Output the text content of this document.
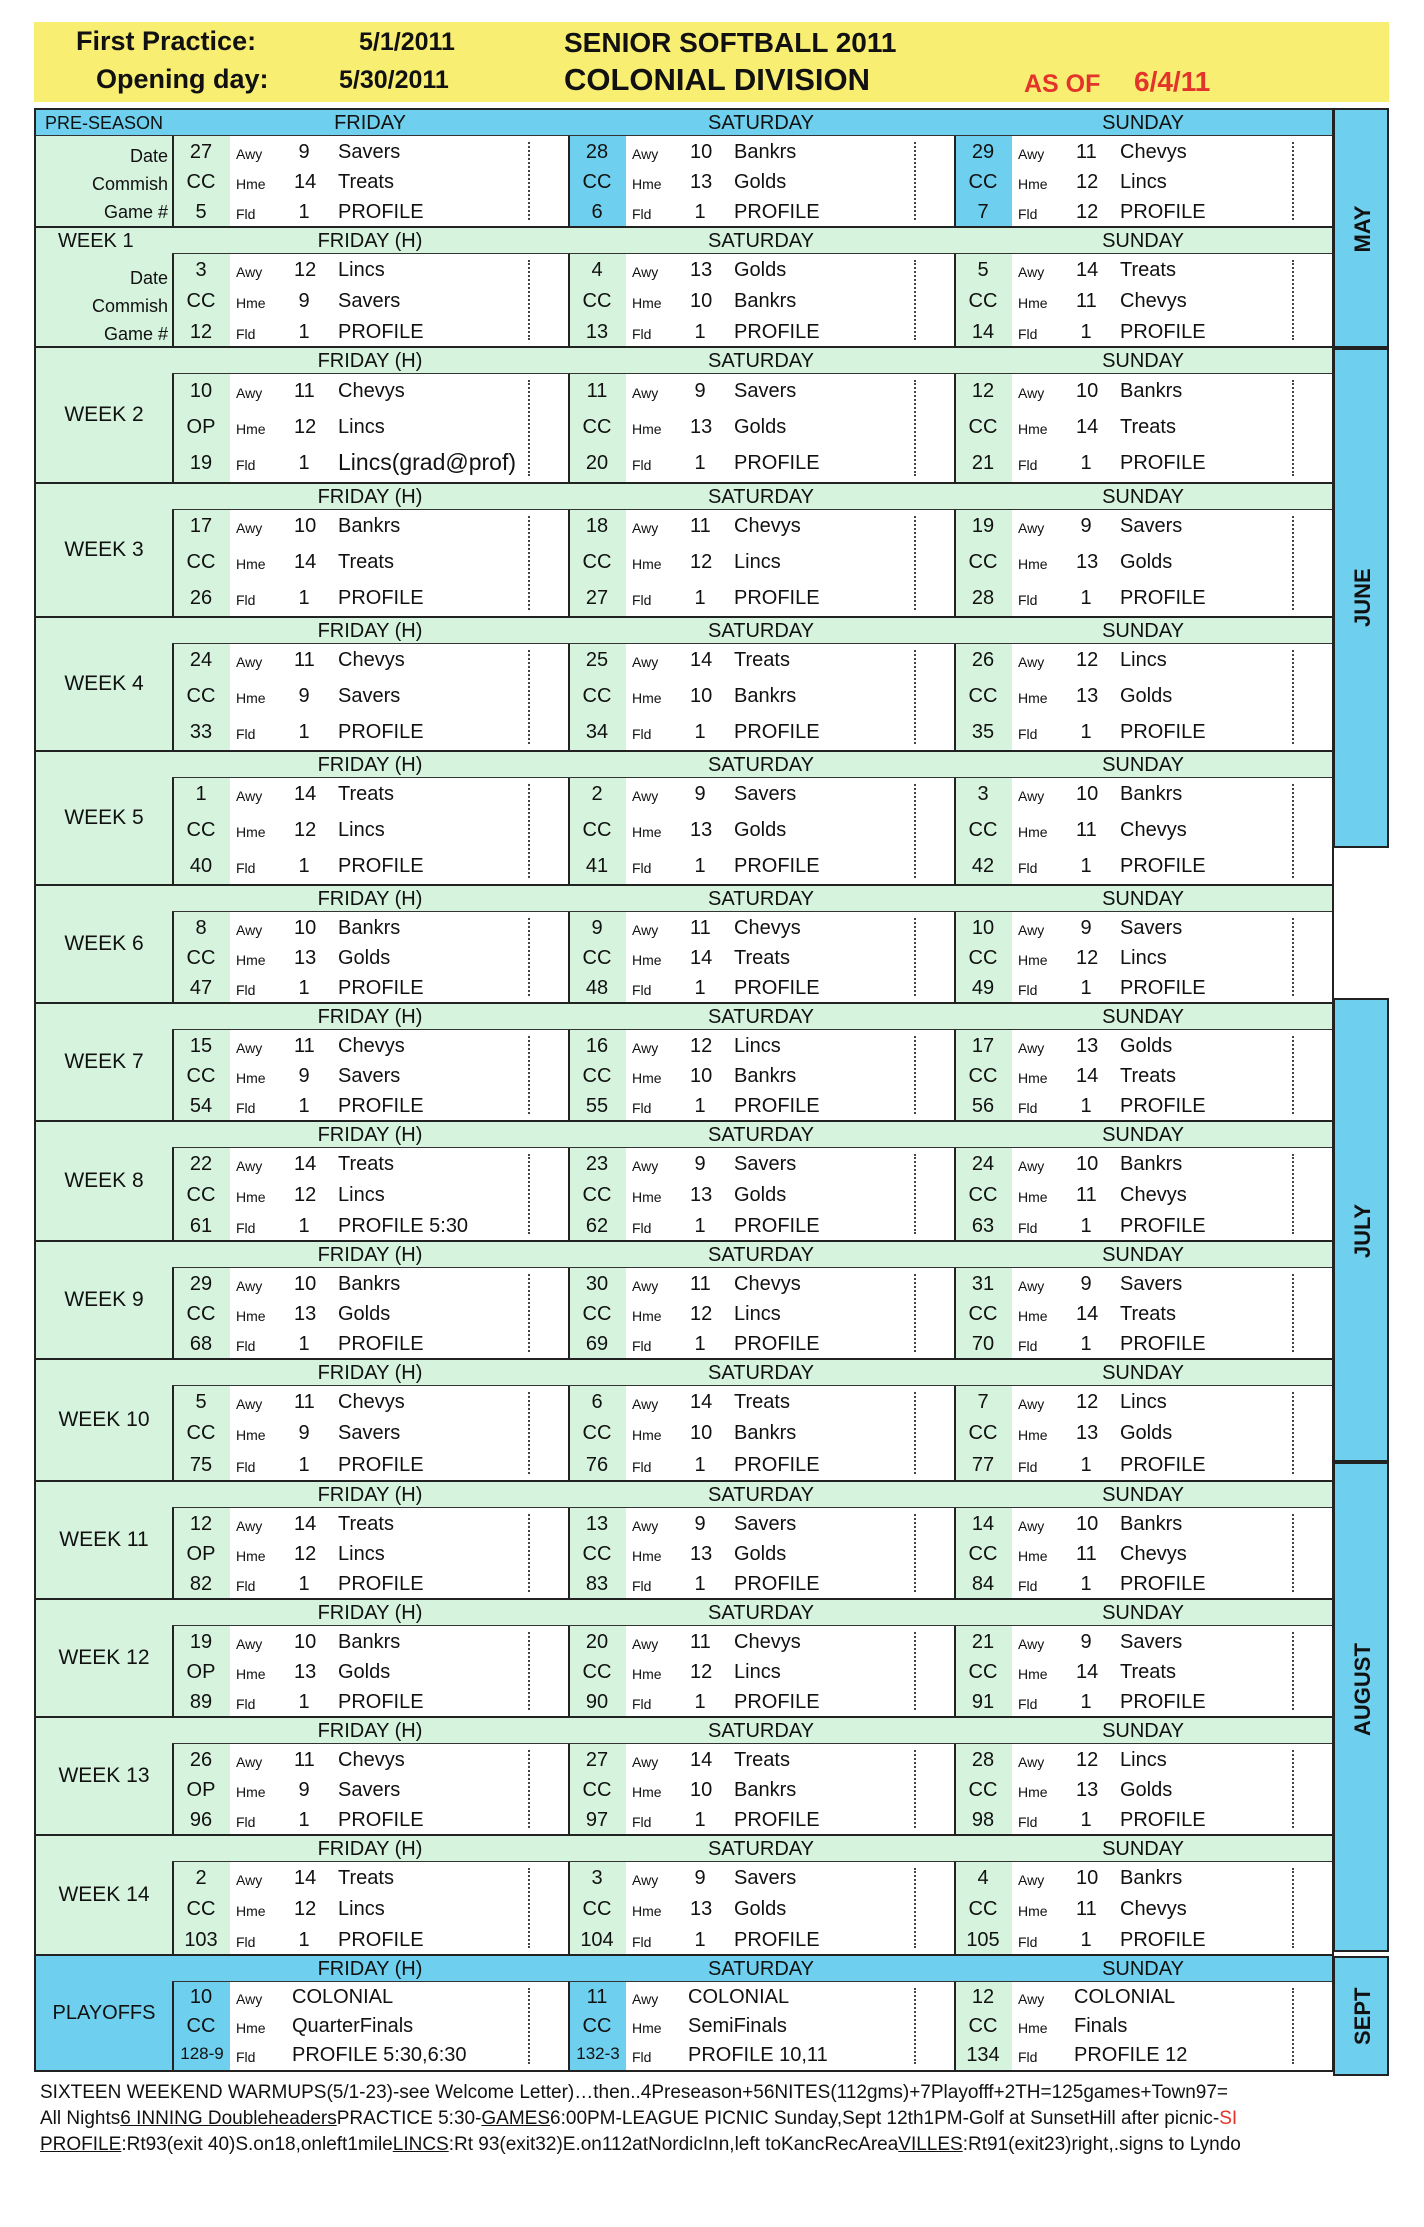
First Practice:	5/1/2011
Opening day:	5/30/2011
SENIOR SOFTBALL 2011
COLONIAL DIVISION	AS OF 6/4/11
PRE-SEASON
Date
Commish
Game #
FRIDAY
27	Awy 9 Savers
CC	Hme 14 Treats
5	Fld 1 PROFILE
SATURDAY
28	Awy 10 Bankrs
CC	Hme 13 Golds
6	Fld 1 PROFILE
SUNDAY
29	Awy 11 Chevys
CC	Hme 12 Lincs
7	Fld 12 PROFILE
WEEK 1
Date
Commish
Game #
FRIDAY (H)
3	Awy 12 Lincs
CC	Hme 9 Savers
12	Fld 1 PROFILE
SATURDAY
4	Awy 13 Golds
CC	Hme 10 Bankrs
13	Fld 1 PROFILE
SUNDAY
5	Awy 14 Treats
CC	Hme 11 Chevys
14	Fld 1 PROFILE
WEEK 2
FRIDAY (H)
10	Awy 11 Chevys
OP	Hme 12 Lincs
19	Fld 1 Lincs(grad@prof)
SATURDAY
11	Awy 9 Savers
CC	Hme 13 Golds
20	Fld 1 PROFILE
SUNDAY
12	Awy 10 Bankrs
CC	Hme 14 Treats
21	Fld 1 PROFILE
WEEK 3
FRIDAY (H)
17	Awy 10 Bankrs
CC	Hme 14 Treats
26	Fld 1 PROFILE
SATURDAY
18	Awy 11 Chevys
CC	Hme 12 Lincs
27	Fld 1 PROFILE
SUNDAY
19	Awy 9 Savers
CC	Hme 13 Golds
28	Fld 1 PROFILE
WEEK 4
FRIDAY (H)
24	Awy 11 Chevys
CC	Hme 9 Savers
33	Fld 1 PROFILE
SATURDAY
25	Awy 14 Treats
CC	Hme 10 Bankrs
34	Fld 1 PROFILE
SUNDAY
26	Awy 12 Lincs
CC	Hme 13 Golds
35	Fld 1 PROFILE
WEEK 5
FRIDAY (H)
1	Awy 14 Treats
CC	Hme 12 Lincs
40	Fld 1 PROFILE
SATURDAY
2	Awy 9 Savers
CC	Hme 13 Golds
41	Fld 1 PROFILE
SUNDAY
3	Awy 10 Bankrs
CC	Hme 11 Chevys
42	Fld 1 PROFILE
WEEK 6
FRIDAY (H)
8	Awy 10 Bankrs
CC	Hme 13 Golds
47	Fld 1 PROFILE
SATURDAY
9	Awy 11 Chevys
CC	Hme 14 Treats
48	Fld 1 PROFILE
SUNDAY
10	Awy 9 Savers
CC	Hme 12 Lincs
49	Fld 1 PROFILE
WEEK 7
FRIDAY (H)
15	Awy 11 Chevys
CC	Hme 9 Savers
54	Fld 1 PROFILE
SATURDAY
16	Awy 12 Lincs
CC	Hme 10 Bankrs
55	Fld 1 PROFILE
SUNDAY
17	Awy 13 Golds
CC	Hme 14 Treats
56	Fld 1 PROFILE
WEEK 8
FRIDAY (H)
22	Awy 14 Treats
CC	Hme 12 Lincs
61	Fld 1 PROFILE 5:30
SATURDAY
23	Awy 9 Savers
CC	Hme 13 Golds
62	Fld 1 PROFILE
SUNDAY
24	Awy 10 Bankrs
CC	Hme 11 Chevys
63	Fld 1 PROFILE
WEEK 9
FRIDAY (H)
29	Awy 10 Bankrs
CC	Hme 13 Golds
68	Fld 1 PROFILE
SATURDAY
30	Awy 11 Chevys
CC	Hme 12 Lincs
69	Fld 1 PROFILE
SUNDAY
31	Awy 9 Savers
CC	Hme 14 Treats
70	Fld 1 PROFILE
WEEK 10
FRIDAY (H)
5	Awy 11 Chevys
CC	Hme 9 Savers
75	Fld 1 PROFILE
SATURDAY
6	Awy 14 Treats
CC	Hme 10 Bankrs
76	Fld 1 PROFILE
SUNDAY
7	Awy 12 Lincs
CC	Hme 13 Golds
77	Fld 1 PROFILE
WEEK 11
FRIDAY (H)
12	Awy 14 Treats
OP	Hme 12 Lincs
82	Fld 1 PROFILE
SATURDAY
13	Awy 9 Savers
CC	Hme 13 Golds
83	Fld 1 PROFILE
SUNDAY
14	Awy 10 Bankrs
CC	Hme 11 Chevys
84	Fld 1 PROFILE
WEEK 12
FRIDAY (H)
19	Awy 10 Bankrs
OP	Hme 13 Golds
89	Fld 1 PROFILE
SATURDAY
20	Awy 11 Chevys
CC	Hme 12 Lincs
90	Fld 1 PROFILE
SUNDAY
21	Awy 9 Savers
CC	Hme 14 Treats
91	Fld 1 PROFILE
WEEK 13
FRIDAY (H)
26	Awy 11 Chevys
OP	Hme 9 Savers
96	Fld 1 PROFILE
SATURDAY
27	Awy 14 Treats
CC	Hme 10 Bankrs
97	Fld 1 PROFILE
SUNDAY
28	Awy 12 Lincs
CC	Hme 13 Golds
98	Fld 1 PROFILE
WEEK 14
FRIDAY (H)
2	Awy 14 Treats
CC	Hme 12 Lincs
103	Fld 1 PROFILE
SATURDAY
3	Awy 9 Savers
CC	Hme 13 Golds
104	Fld 1 PROFILE
SUNDAY
4	Awy 10 Bankrs
CC	Hme 11 Chevys
105	Fld 1 PROFILE
PLAYOFFS
FRIDAY (H)
10	Awy COLONIAL
CC	Hme QuarterFinals
128-9 Fld PROFILE 5:30,6:30
SATURDAY
11	Awy COLONIAL
CC	Hme SemiFinals
132-3 Fld PROFILE 10,11
SUNDAY
12	Awy COLONIAL
CC	Hme Finals
134	Fld PROFILE 12
MAY
JUNE
JULY
AUGUST
SEPT
SIXTEEN WEEKEND WARMUPS(5/1-23)-see Welcome Letter)…then..4Preseason+56NITES(112gms)+7Playofff+2TH=125games+Town97=
All Nights6 INNING DoubleheadersPRACTICE 5:30-GAMES6:00PM-LEAGUE PICNIC Sunday,Sept 12th1PM-Golf at SunsetHill after picnic-SI
PROFILE:Rt93(exit 40)S.on18,onleft1mileLINCS:Rt 93(exit32)E.on112atNordicInn,left toKancRecAreaVILLES:Rt91(exit23)right,.signs to Lyndo
